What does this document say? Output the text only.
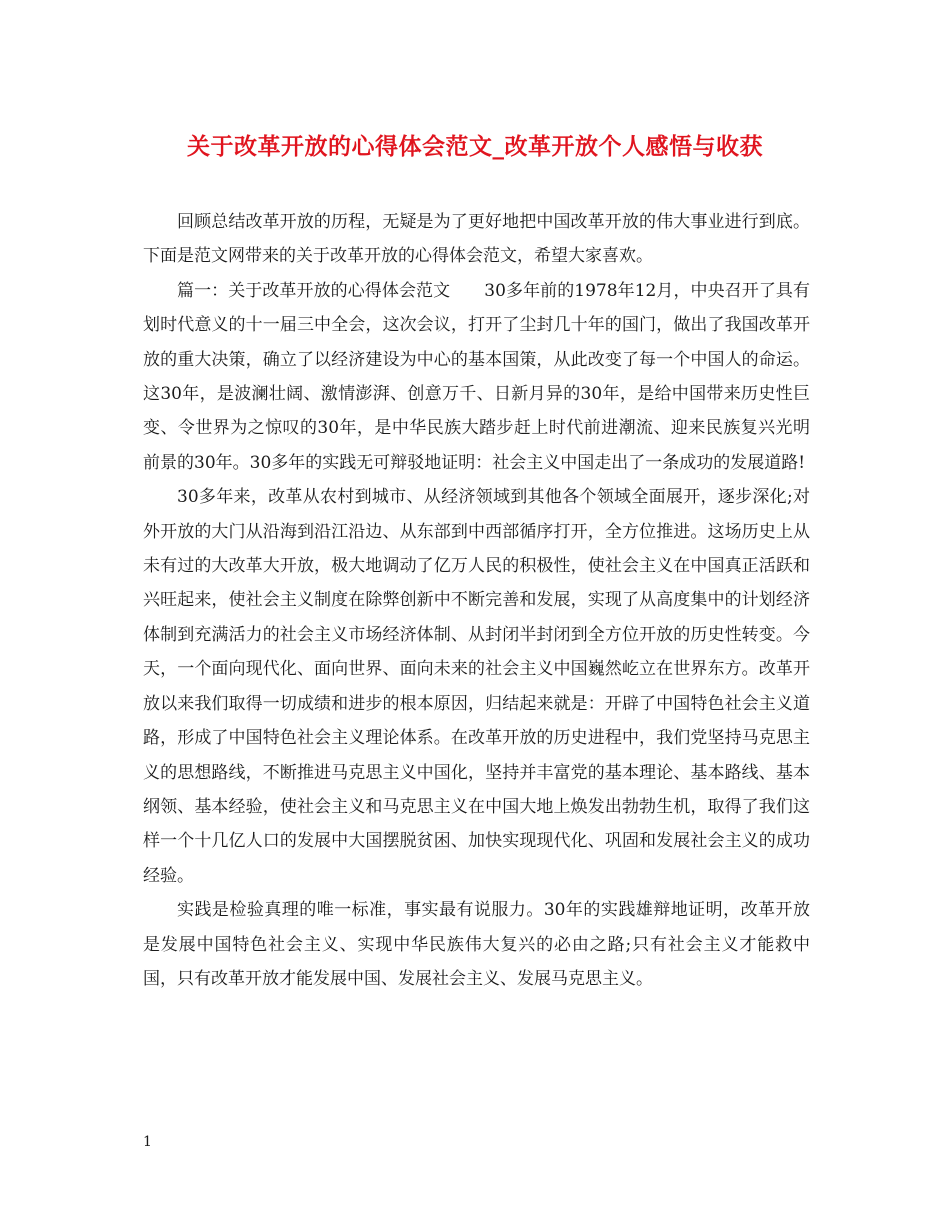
关于改革开放的心得体会范文_改革开放个人感悟与收获

回顾总结改革开放的历程，无疑是为了更好地把中国改革开放的伟大事业进行到底。下面是范文网带来的关于改革开放的心得体会范文，希望大家喜欢。

篇一：关于改革开放的心得体会范文　　30多年前的1978年12月，中央召开了具有划时代意义的十一届三中全会，这次会议，打开了尘封几十年的国门，做出了我国改革开放的重大决策，确立了以经济建设为中心的基本国策，从此改变了每一个中国人的命运。这30年，是波澜壮阔、激情澎湃、创意万千、日新月异的30年，是给中国带来历史性巨变、令世界为之惊叹的30年，是中华民族大踏步赶上时代前进潮流、迎来民族复兴光明前景的30年。30多年的实践无可辩驳地证明：社会主义中国走出了一条成功的发展道路!

30多年来，改革从农村到城市、从经济领域到其他各个领域全面展开，逐步深化;对外开放的大门从沿海到沿江沿边、从东部到中西部循序打开，全方位推进。这场历史上从未有过的大改革大开放，极大地调动了亿万人民的积极性，使社会主义在中国真正活跃和兴旺起来，使社会主义制度在除弊创新中不断完善和发展，实现了从高度集中的计划经济体制到充满活力的社会主义市场经济体制、从封闭半封闭到全方位开放的历史性转变。今天，一个面向现代化、面向世界、面向未来的社会主义中国巍然屹立在世界东方。改革开放以来我们取得一切成绩和进步的根本原因，归结起来就是：开辟了中国特色社会主义道路，形成了中国特色社会主义理论体系。在改革开放的历史进程中，我们党坚持马克思主义的思想路线，不断推进马克思主义中国化，坚持并丰富党的基本理论、基本路线、基本纲领、基本经验，使社会主义和马克思主义在中国大地上焕发出勃勃生机，取得了我们这样一个十几亿人口的发展中大国摆脱贫困、加快实现现代化、巩固和发展社会主义的成功经验。

实践是检验真理的唯一标准，事实最有说服力。30年的实践雄辩地证明，改革开放是发展中国特色社会主义、实现中华民族伟大复兴的必由之路;只有社会主义才能救中国，只有改革开放才能发展中国、发展社会主义、发展马克思主义。

1
